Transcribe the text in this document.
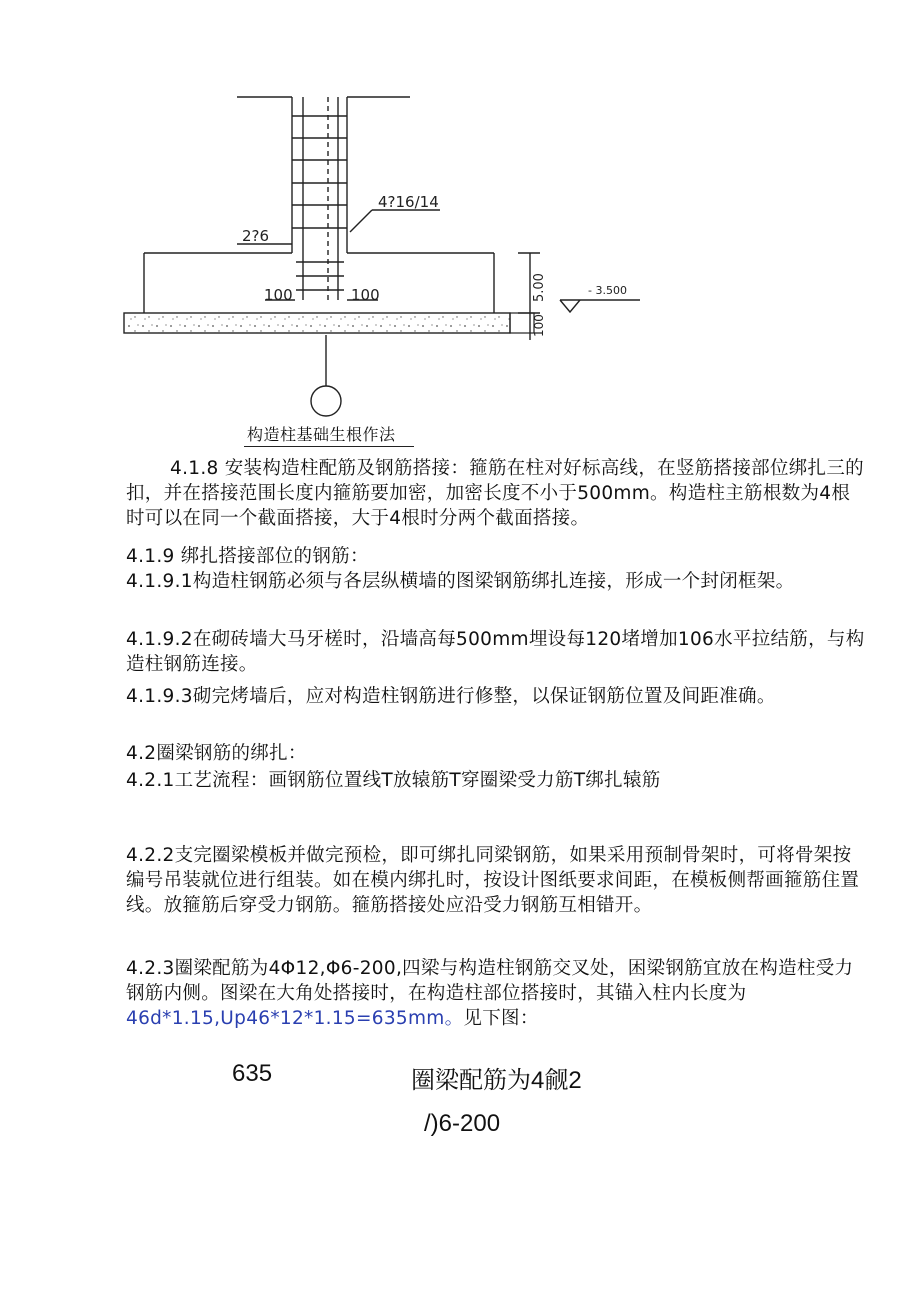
4?16/14
2?6
100	100	- 3.500
5.00
100
构造柱基础生根作法

4.1.8 安装构造柱配筋及钢筋搭接：箍筋在柱对好标高线，在竖筋搭接部位绑扎三的扣，并在搭接范围长度内箍筋要加密，加密长度不小于500mm。构造柱主筋根数为4根时可以在同一个截面搭接，大于4根时分两个截面搭接。

4.1.9 绑扎搭接部位的钢筋：

4.1.9.1构造柱钢筋必须与各层纵横墙的图梁钢筋绑扎连接，形成一个封闭框架。

4.1.9.2在砌砖墙大马牙槎时，沿墙高每500mm埋设每120堵增加106水平拉结筋，与构造柱钢筋连接。

4.1.9.3砌完烤墙后，应对构造柱钢筋进行修整，以保证钢筋位置及间距准确。

4.2圈梁钢筋的绑扎：

4.2.1工艺流程：画钢筋位置线T放辕筋T穿圈梁受力筋T绑扎辕筋

4.2.2支完圈梁模板并做完预检，即可绑扎同梁钢筋，如果采用预制骨架时，可将骨架按编号吊装就位进行组装。如在模内绑扎时，按设计图纸要求间距，在模板侧帮画箍筋住置线。放箍筋后穿受力钢筋。箍筋搭接处应沿受力钢筋互相错开。

4.2.3圈梁配筋为4Φ12,Φ6-200,四梁与构造柱钢筋交叉处，困梁钢筋宜放在构造柱受力钢筋内侧。图梁在大角处搭接时，在构造柱部位搭接时，其锚入柱内长度为46d*1.15,Up46*12*1.15=635mm。见下图：

635	圈梁配筋为4觎2
/)6-200
